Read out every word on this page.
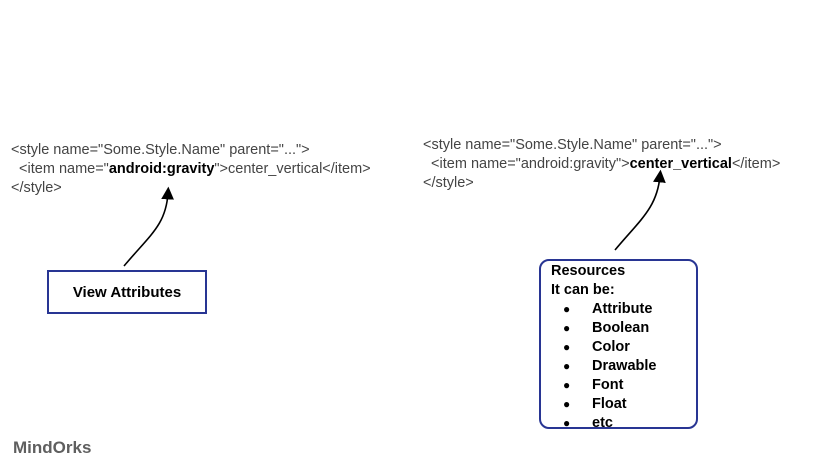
<style name="Some.Style.Name" parent="...">
<item name="android:gravity">center_vertical</item>
</style>
<style name="Some.Style.Name" parent="...">
<item name="android:gravity">center_vertical</item>
</style>
View Attributes
Resources
It can be:
● Attribute
● Boolean
● Color
● Drawable
● Font
● Float
● etc
MindOrks
